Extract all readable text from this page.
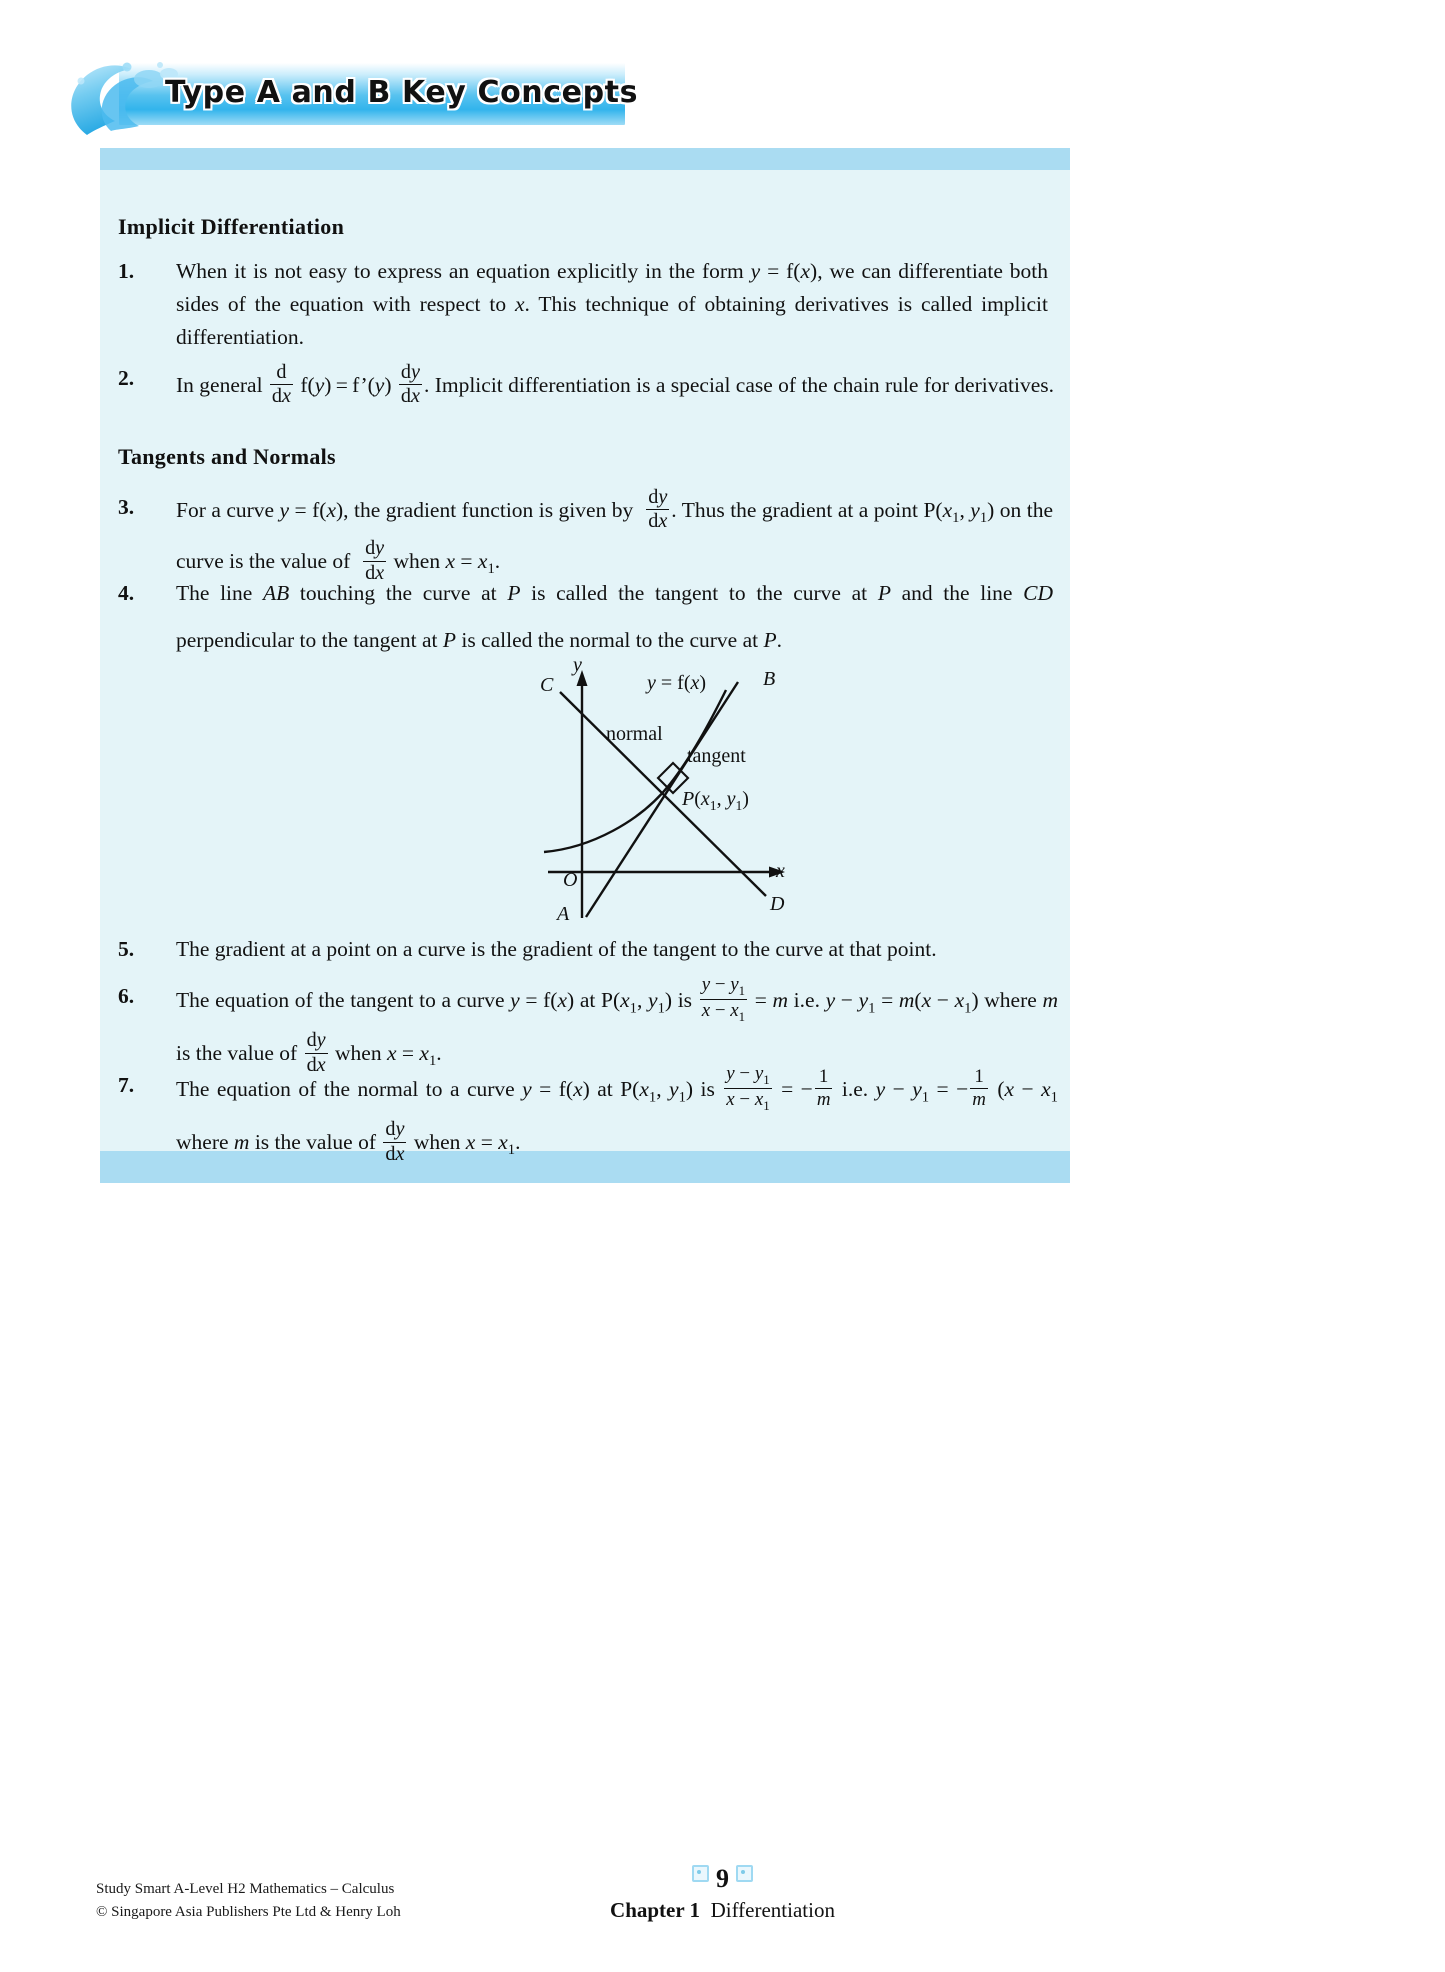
Type A and B Key Concepts
Implicit Differentiation
1. When it is not easy to express an equation explicitly in the form y = f(x), we can differentiate both sides of the equation with respect to x. This technique of obtaining derivatives is called implicit differentiation.
2. In general $\frac{d}{dx} f(y)$ = f’(y) $\frac{dy}{dx}$ . Implicit differentiation is a special case of the chain rule for derivatives.
Tangents and Normals
3. For a curve y = f(x), the gradient function is given by $\frac{dy}{dx}$ . Thus the gradient at a point $P(x_1$, $y_1$) on the curve is the value of $\frac{dy}{dx}$ when $x = x_1$.
4. The line AB touching the curve at P is called the tangent to the curve at P and the line CD perpendicular to the tangent at P is called the normal to the curve at P.
y
x
O
C
A
B
D
y = f(x)
normal
tangent
$P(x_1$, $y_1$)
5. The gradient at a point on a curve is the gradient of the tangent to the curve at that point.
6. The equation of the tangent to a curve y = f(x) at $P(x_1$, $y_1$) is $\frac{y - y_1}{x - x_1} = m$ i.e. $y - y_1 = m(x - x_1)$ where m is the value of $\frac{dy}{dx}$ when $x = x_1$.
7. The equation of the normal to a curve y = f(x) at $P(x_1$, $y_1$) is $\frac{y - y_1}{x - x_1}$ = − $\frac{1}{m} i.e$. $y - y_1$ = − $\frac{1}{m} (x - x_1$ where m is the value of $\frac{dy}{dx}$ when $x = x_1$.
Study Smart A-Level H2 Mathematics – Calculus
© Singapore Asia Publishers Pte Ltd & Henry Loh
9
Chapter 1 Differentiation
